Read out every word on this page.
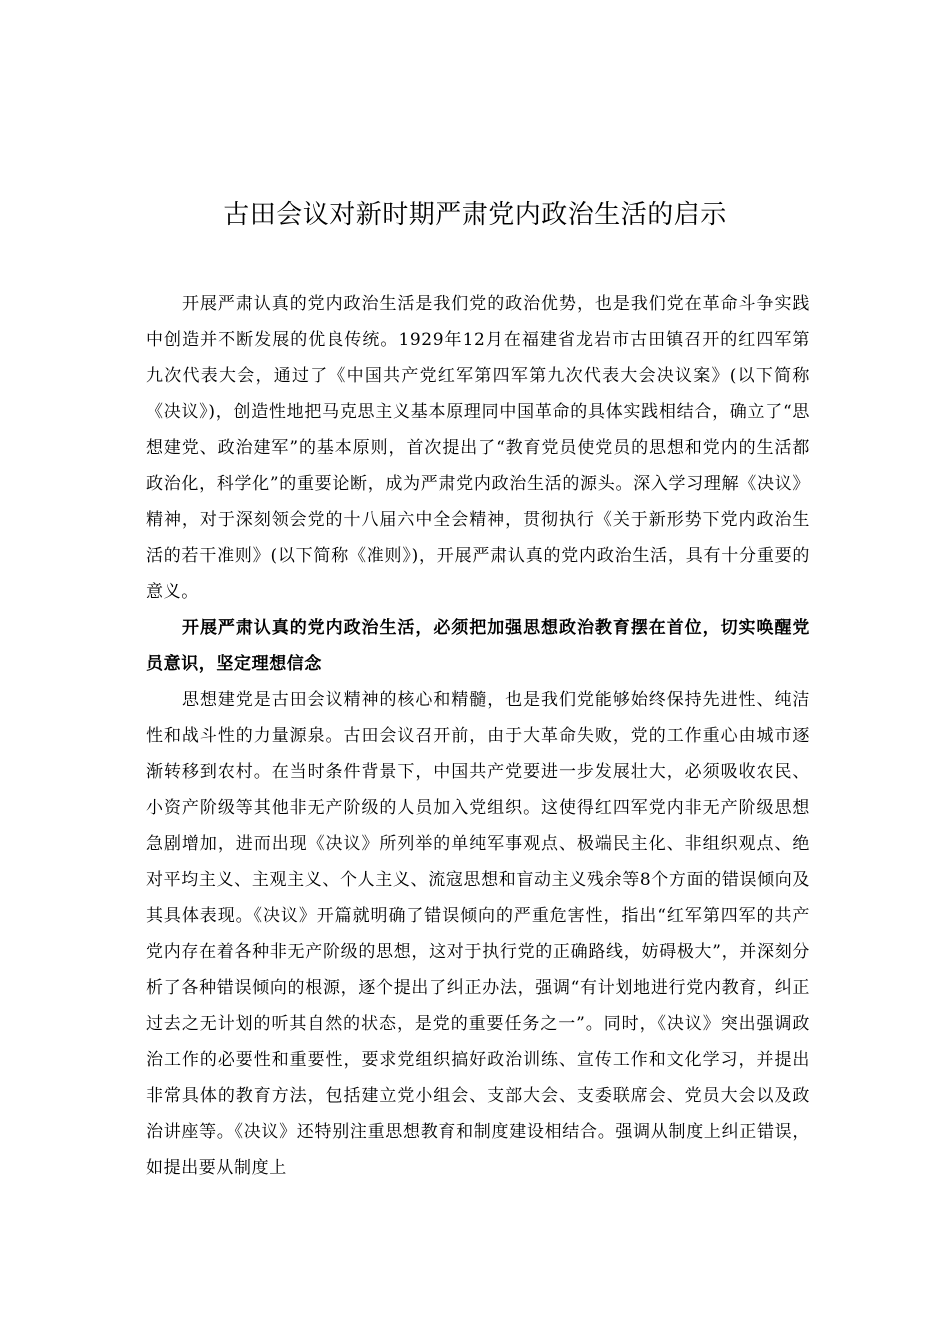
古田会议对新时期严肃党内政治生活的启示

开展严肃认真的党内政治生活是我们党的政治优势，也是我们党在革命斗争实践中创造并不断发展的优良传统。1929年12月在福建省龙岩市古田镇召开的红四军第九次代表大会，通过了《中国共产党红军第四军第九次代表大会决议案》(以下简称《决议》)，创造性地把马克思主义基本原理同中国革命的具体实践相结合，确立了“思想建党、政治建军”的基本原则，首次提出了“教育党员使党员的思想和党内的生活都政治化，科学化”的重要论断，成为严肃党内政治生活的源头。深入学习理解《决议》精神，对于深刻领会党的十八届六中全会精神，贯彻执行《关于新形势下党内政治生活的若干准则》(以下简称《准则》)，开展严肃认真的党内政治生活，具有十分重要的意义。

开展严肃认真的党内政治生活，必须把加强思想政治教育摆在首位，切实唤醒党员意识，坚定理想信念

思想建党是古田会议精神的核心和精髓，也是我们党能够始终保持先进性、纯洁性和战斗性的力量源泉。古田会议召开前，由于大革命失败，党的工作重心由城市逐渐转移到农村。在当时条件背景下，中国共产党要进一步发展壮大，必须吸收农民、小资产阶级等其他非无产阶级的人员加入党组织。这使得红四军党内非无产阶级思想急剧增加，进而出现《决议》所列举的单纯军事观点、极端民主化、非组织观点、绝对平均主义、主观主义、个人主义、流寇思想和盲动主义残余等8个方面的错误倾向及其具体表现。《决议》开篇就明确了错误倾向的严重危害性，指出“红军第四军的共产党内存在着各种非无产阶级的思想，这对于执行党的正确路线，妨碍极大”，并深刻分析了各种错误倾向的根源，逐个提出了纠正办法，强调“有计划地进行党内教育，纠正过去之无计划的听其自然的状态，是党的重要任务之一”。同时，《决议》突出强调政治工作的必要性和重要性，要求党组织搞好政治训练、宣传工作和文化学习，并提出非常具体的教育方法，包括建立党小组会、支部大会、支委联席会、党员大会以及政治讲座等。《决议》还特别注重思想教育和制度建设相结合。强调从制度上纠正错误，如提出要从制度上
